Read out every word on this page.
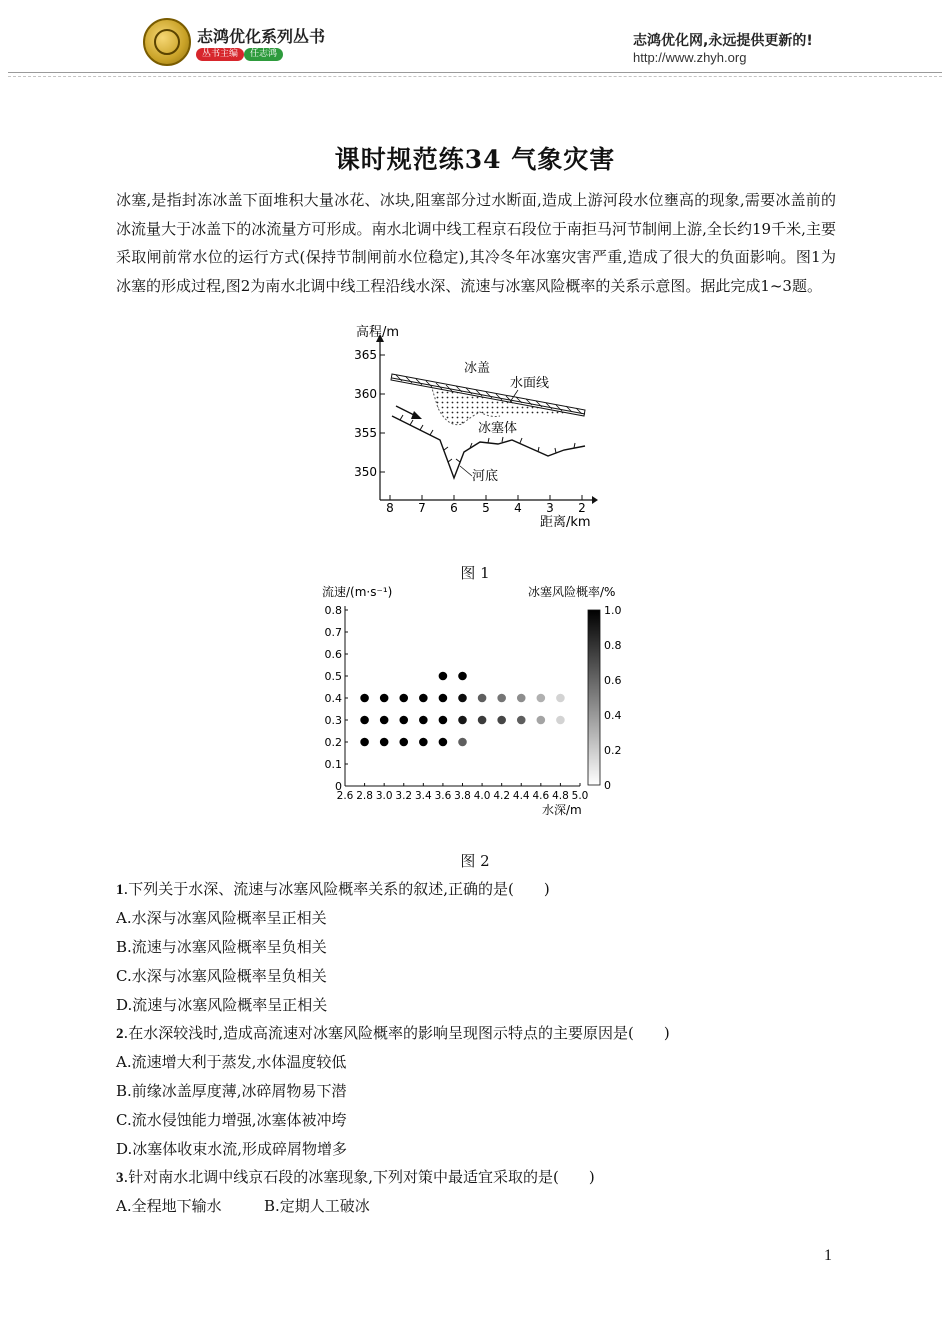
志鸿优化系列丛书
丛书主编	任志鸿
志鸿优化网,永远提供更新的!
http://www.zhyh.org
课时规范练34 气象灾害
冰塞,是指封冻冰盖下面堆积大量冰花、冰块,阻塞部分过水断面,造成上游河段水位壅高的现象,需要冰盖前的冰流量大于冰盖下的冰流量方可形成。南水北调中线工程京石段位于南拒马河节制闸上游,全长约19千米,主要采取闸前常水位的运行方式(保持节制闸前水位稳定),其冷冬年冰塞灾害严重,造成了很大的负面影响。图1为冰塞的形成过程,图2为南水北调中线工程沿线水深、流速与冰塞风险概率的关系示意图。据此完成1~3题。
高程/m
距离/km
365
360
355
350
8 7 6 5 4 3 2
冰盖
水面线
冰塞体
河底
图 1
流速/(m·s⁻¹)	冰塞风险概率/%
水深/m
0
0.1
0.2
0.3
0.4
0.5
0.6
0.7
0.8
2.6 2.8 3.0 3.2 3.4 3.6 3.8 4.0 4.2 4.4 4.6 4.8 5.0
1.0
0.8
0.6
0.4
0.2
0
图 2
1.下列关于水深、流速与冰塞风险概率关系的叙述,正确的是(　　)
A.水深与冰塞风险概率呈正相关
B.流速与冰塞风险概率呈负相关
C.水深与冰塞风险概率呈负相关
D.流速与冰塞风险概率呈正相关
2.在水深较浅时,造成高流速对冰塞风险概率的影响呈现图示特点的主要原因是(　　)
A.流速增大利于蒸发,水体温度较低
B.前缘冰盖厚度薄,冰碎屑物易下潜
C.流水侵蚀能力增强,冰塞体被冲垮
D.冰塞体收束水流,形成碎屑物增多
3.针对南水北调中线京石段的冰塞现象,下列对策中最适宜采取的是(　　)
A.全程地下输水	B.定期人工破冰
1
